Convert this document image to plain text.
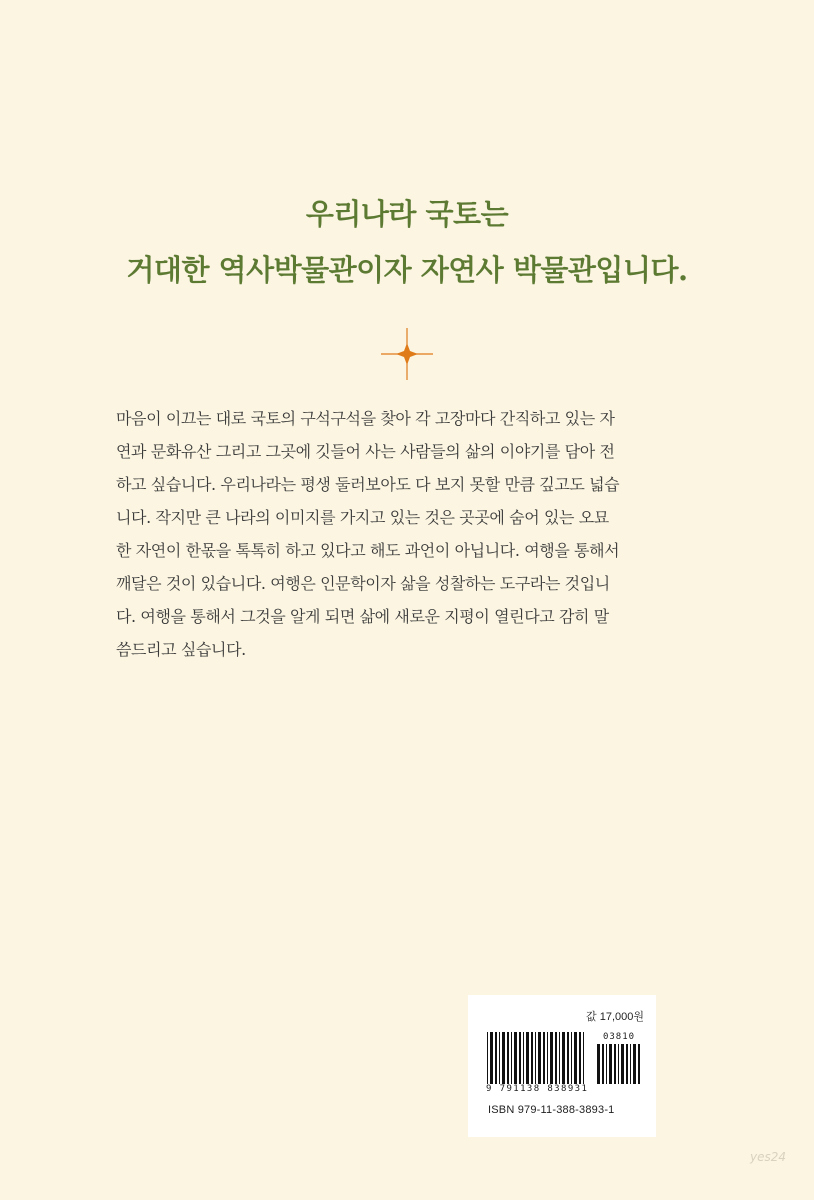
우리나라 국토는
거대한 역사박물관이자 자연사 박물관입니다.
마음이 이끄는 대로 국토의 구석구석을 찾아 각 고장마다 간직하고 있는 자
연과 문화유산 그리고 그곳에 깃들어 사는 사람들의 삶의 이야기를 담아 전
하고 싶습니다. 우리나라는 평생 둘러보아도 다 보지 못할 만큼 깊고도 넓습
니다. 작지만 큰 나라의 이미지를 가지고 있는 것은 곳곳에 숨어 있는 오묘
한 자연이 한몫을 톡톡히 하고 있다고 해도 과언이 아닙니다. 여행을 통해서
깨달은 것이 있습니다. 여행은 인문학이자 삶을 성찰하는 도구라는 것입니
다. 여행을 통해서 그것을 알게 되면 삶에 새로운 지평이 열린다고 감히 말
씀드리고 싶습니다.
값 17,000원
03810
9 791138 838931
ISBN 979-11-388-3893-1
yes24
